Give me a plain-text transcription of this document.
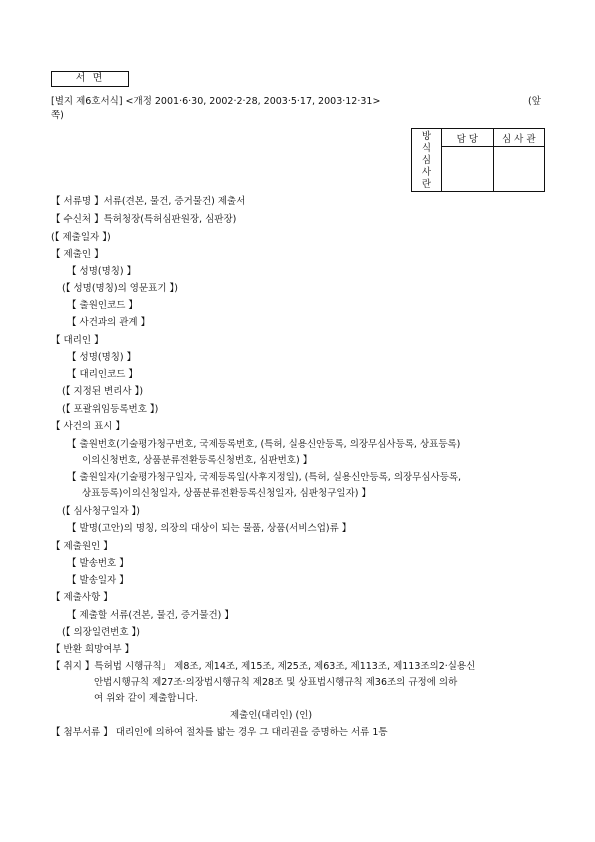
서 면
[별지 제6호서식] <개정 2001·6·30, 2002·2·28, 2003·5·17, 2003·12·31>	(앞
쪽)
방
식
심
사
란	담 당	심 사 관

【 서류명 】서류(견본, 물건, 증거물건) 제출서
【 수신처 】특허청장(특허심판원장, 심판장)
(【 제출일자 】)
【 제출인 】
【 성명(명칭) 】
(【 성명(명칭)의 영문표기 】)
【 출원인코드 】
【 사건과의 관계 】
【 대리인 】
【 성명(명칭) 】
【 대리인코드 】
(【 지정된 변리사 】)
(【 포괄위임등록번호 】)
【 사건의 표시 】
【 출원번호(기술평가청구번호, 국제등록번호, (특허, 실용신안등록, 의장무심사등록, 상표등록)
이의신청번호, 상품분류전환등록신청번호, 심판번호) 】
【 출원일자(기술평가청구일자, 국제등록일(사후지정일), (특허, 실용신안등록, 의장무심사등록,
상표등록)이의신청일자, 상품분류전환등록신청일자, 심판청구일자) 】
(【 심사청구일자 】)
【 발명(고안)의 명칭, 의장의 대상이 되는 물품, 상품(서비스업)류 】
【 제출원인 】
【 발송번호 】
【 발송일자 】
【 제출사항 】
【 제출할 서류(견본, 물건, 증거물건) 】
(【 의장일련번호 】)
【 반환 희망여부 】
【 취지 】특허법 시행규칙」 제8조, 제14조, 제15조, 제25조, 제63조, 제113조, 제113조의2·실용신
안법시행규칙 제27조·의장법시행규칙 제28조 및 상표법시행규칙 제36조의 규정에 의하
여 위와 같이 제출합니다.
제출인(대리인) (인)
【 첨부서류 】 대리인에 의하여 절차를 밟는 경우 그 대리권을 증명하는 서류 1통
